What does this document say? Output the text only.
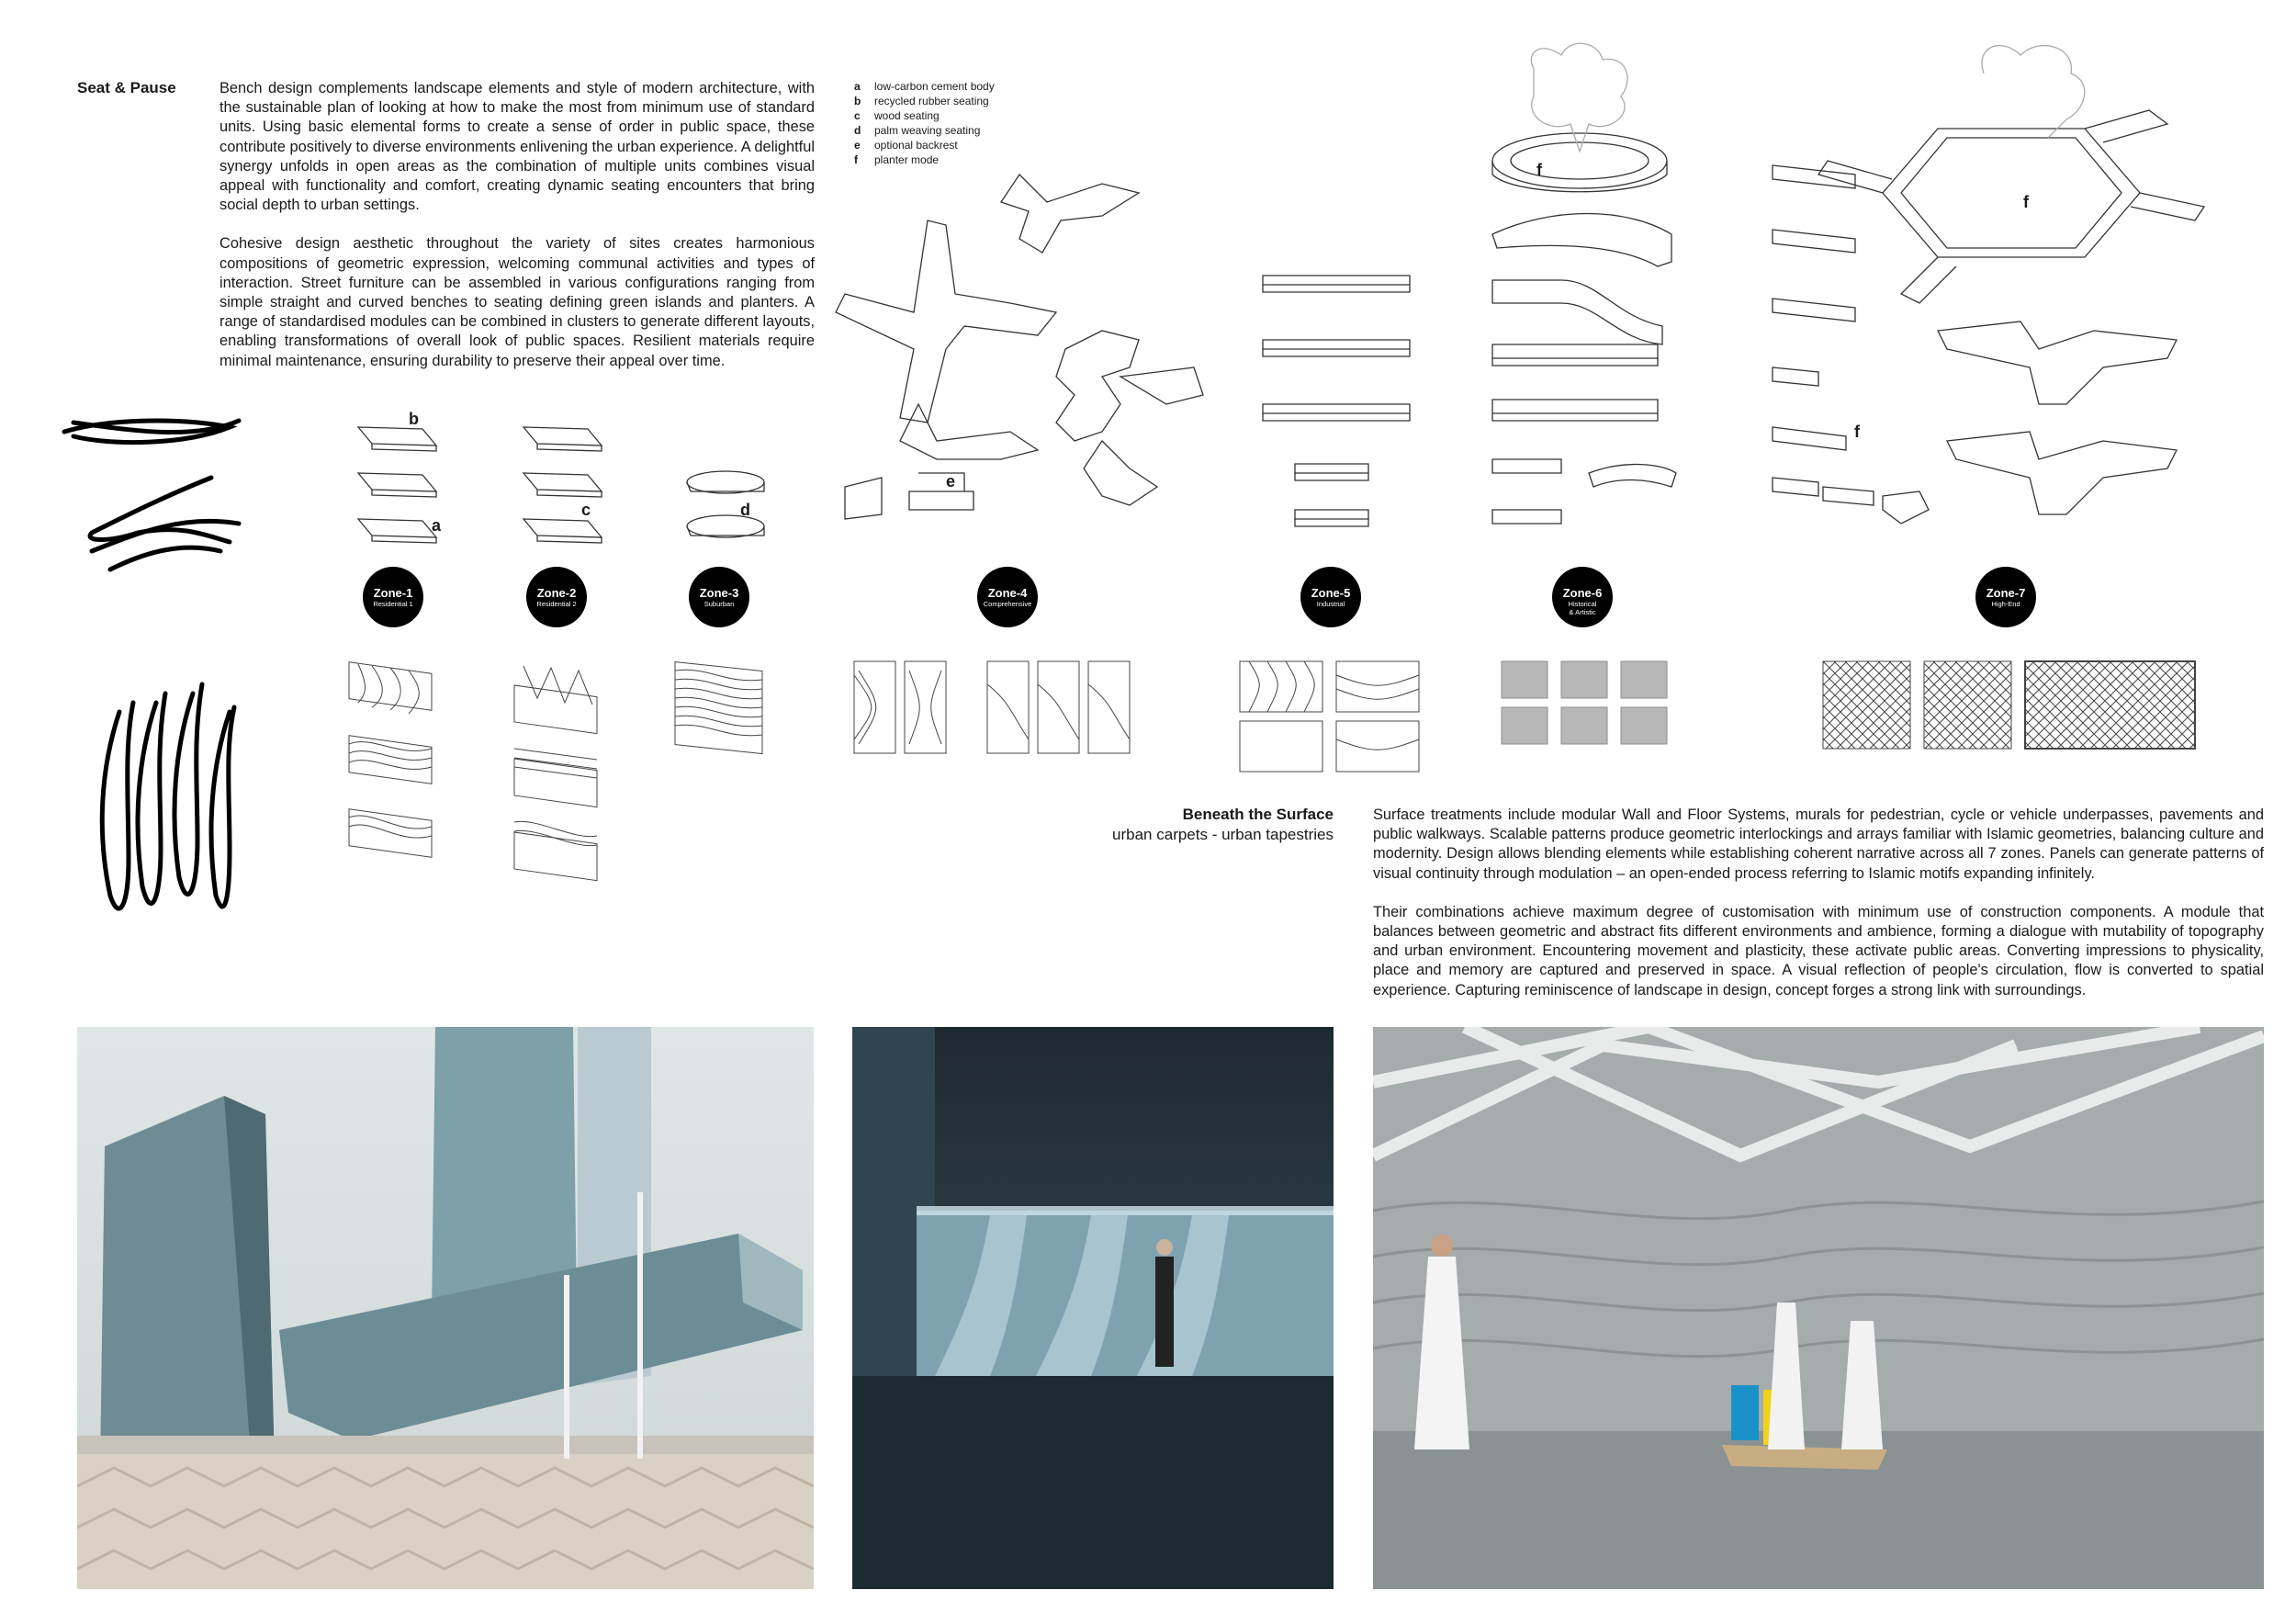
Seat & Pause	Bench design complements landscape elements and style of modern architecture, with the sustainable plan of looking at how to make the most from minimum use of standard units. Using basic elemental forms to create a sense of order in public space, these contribute positively to diverse environments enlivening the urban experience. A delightful synergy unfolds in open areas as the combination of multiple units combines visual appeal with functionality and comfort, creating dynamic seating encounters that bring social depth to urban settings.

Cohesive design aesthetic throughout the variety of sites creates harmonious compositions of geometric expression, welcoming communal activities and types of interaction. Street furniture can be assembled in various configurations ranging from simple straight and curved benches to seating defining green islands and planters. A range of standardised modules can be combined in clusters to generate different layouts, enabling transformations of overall look of public spaces. Resilient materials require minimal maintenance, ensuring durability to preserve their appeal over time.

a low-carbon cement body
b recycled rubber seating
c wood seating
d palm weaving seating
e optional backrest
f planter mode
b
a
c	d
e
f
f
f
Zone-1
Residential 1
Zone-2
Residential 2
Zone-3
Suburban
Zone-4
Comprehensive
Zone-5
Industrial
Zone-6
Historical
& Artistic
Zone-7
High-End
Beneath the Surface
urban carpets - urban tapestries

Surface treatments include modular Wall and Floor Systems, murals for pedestrian, cycle or vehicle underpasses, pavements and public walkways. Scalable patterns produce geometric interlockings and arrays familiar with Islamic geometries, balancing culture and modernity. Design allows blending elements while establishing coherent narrative across all 7 zones. Panels can generate patterns of visual continuity through modulation – an open-ended process referring to Islamic motifs expanding infinitely.

Their combinations achieve maximum degree of customisation with minimum use of construction components. A module that balances between geometric and abstract fits different environments and ambience, forming a dialogue with mutability of topography and urban environment. Encountering movement and plasticity, these activate public areas. Converting impressions to physicality, place and memory are captured and preserved in space. A visual reflection of people's circulation, flow is converted to spatial experience. Capturing reminiscence of landscape in design, concept forges a strong link with surroundings.
